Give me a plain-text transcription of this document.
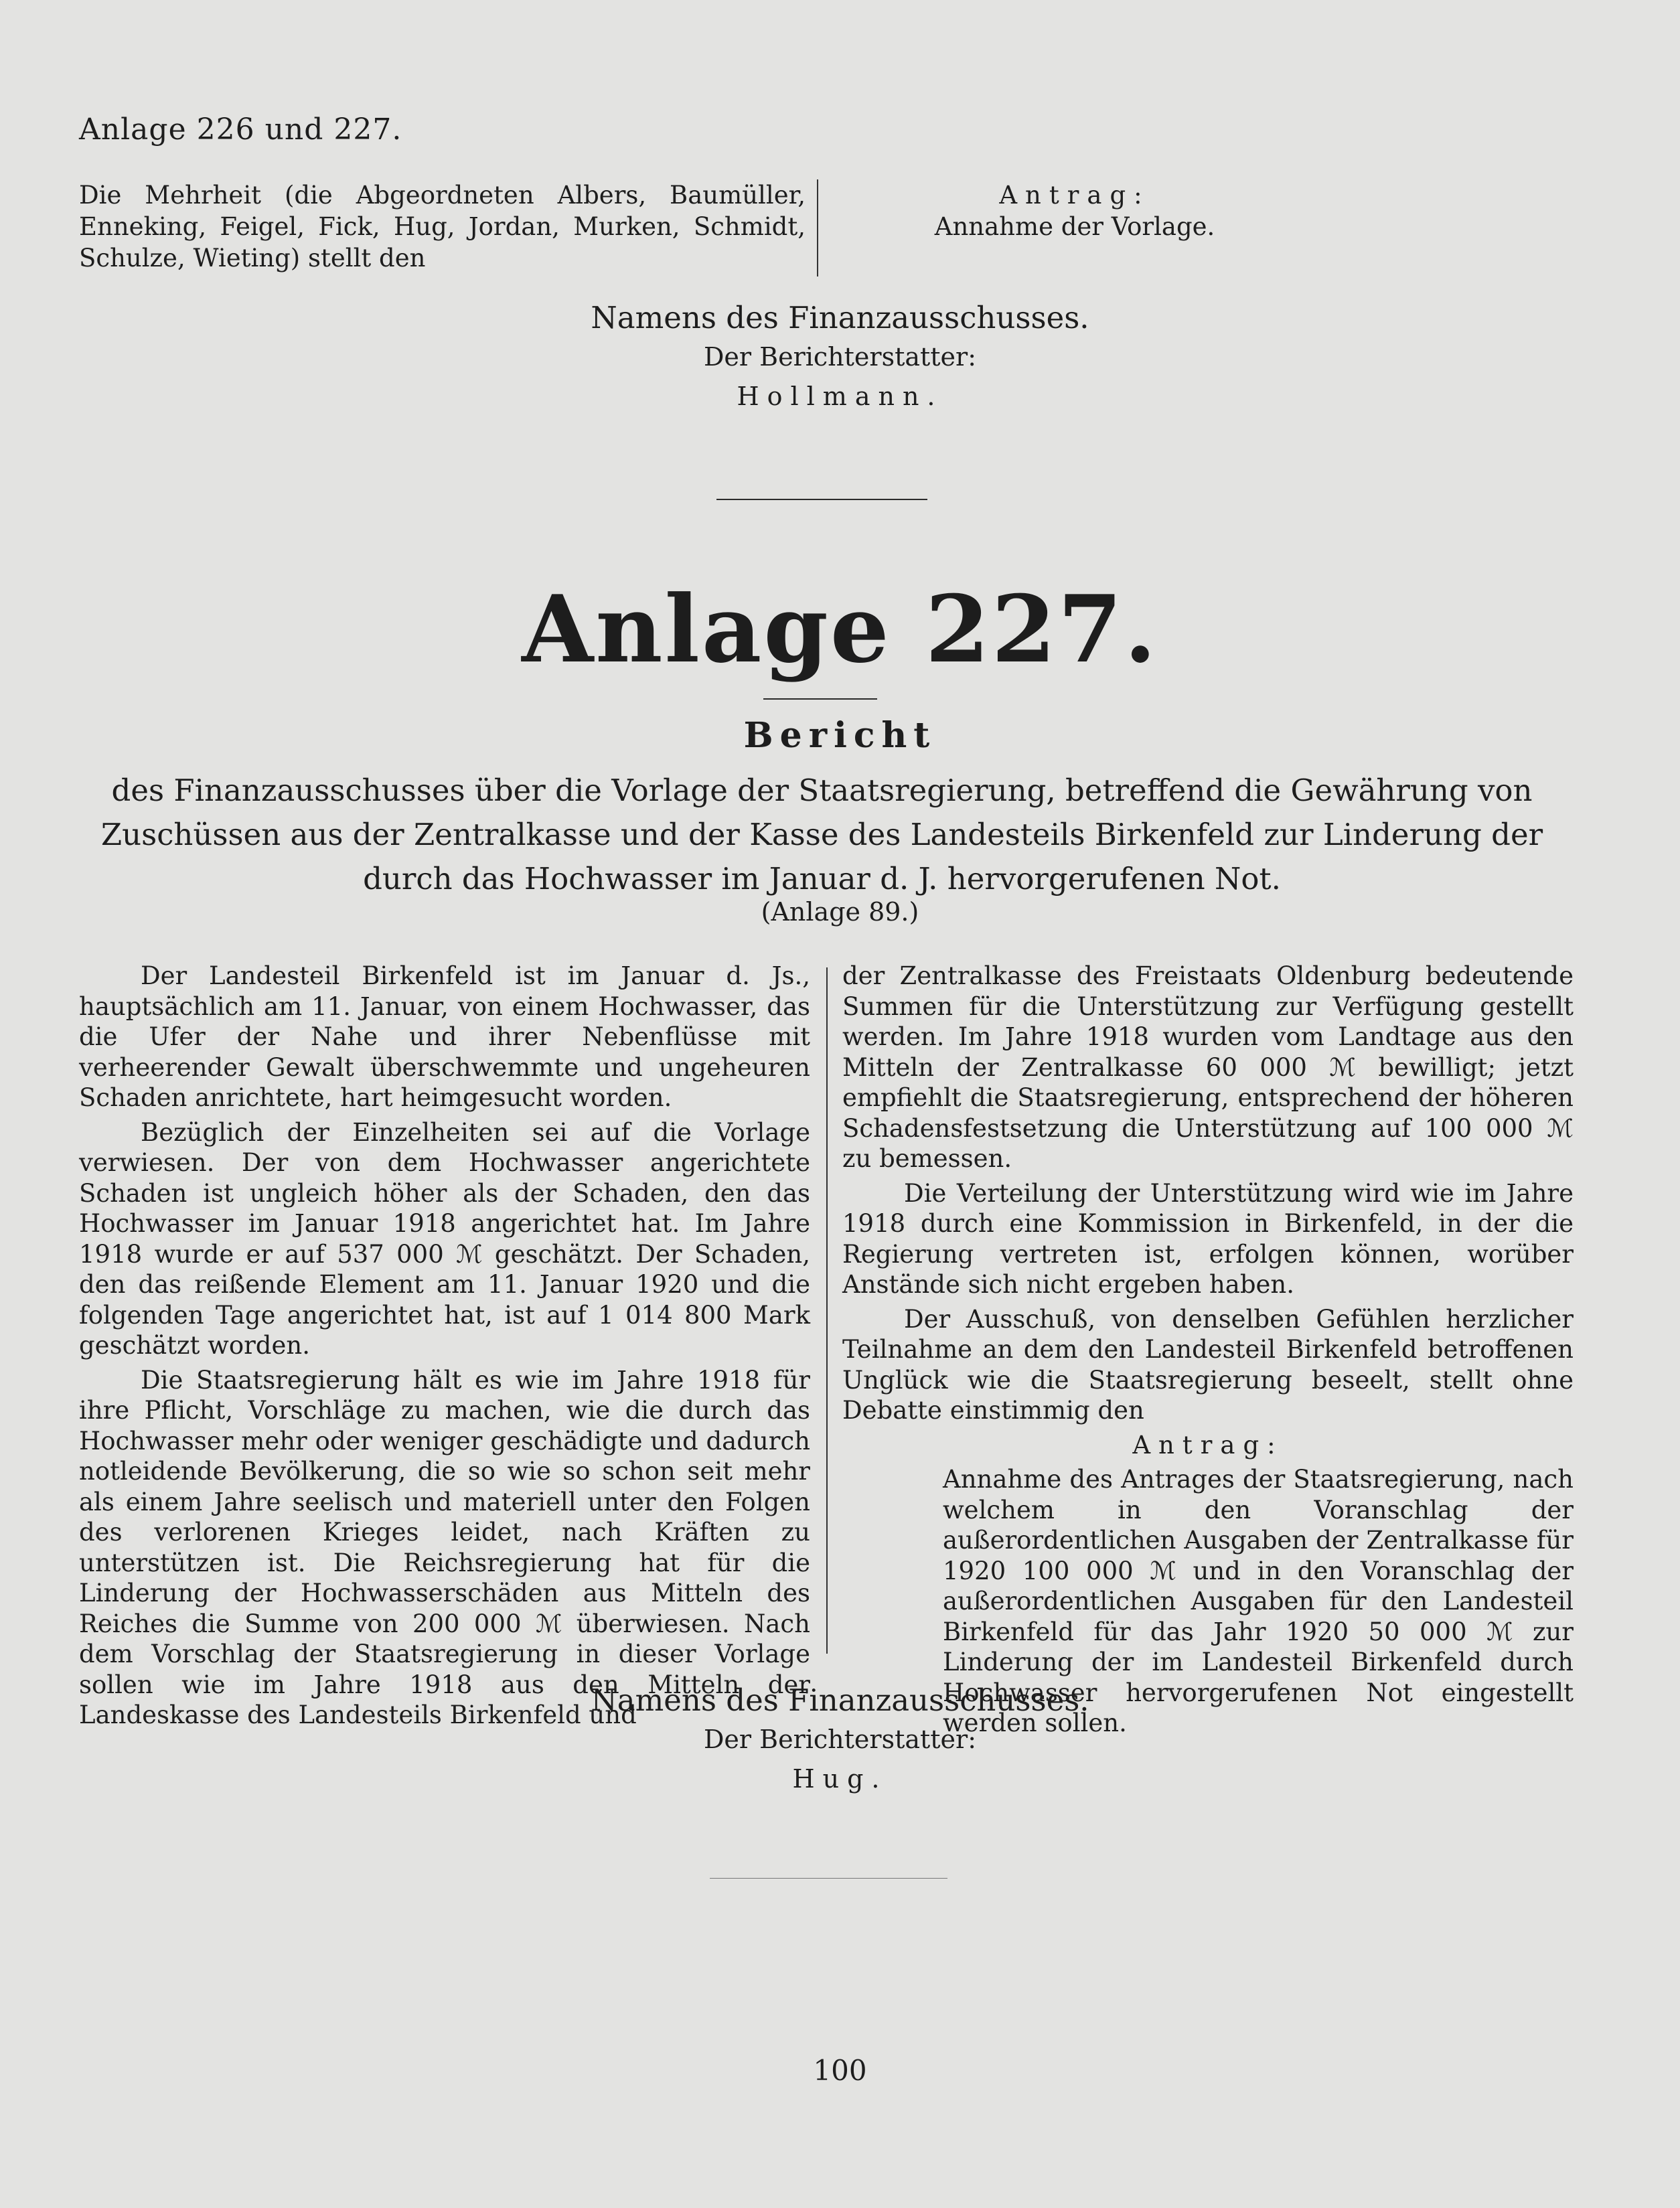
Anlage 226 und 227.
Die Mehrheit (die Abgeordneten Albers, Baumüller, Enneking, Feigel, Fick, Hug, Jordan, Murken, Schmidt, Schulze, Wieting) stellt den
Antrag:
Annahme der Vorlage.
Namens des Finanzausschusses.
Der Berichterstatter:
Hollmann.
Anlage 227.
Bericht
des Finanzausschusses über die Vorlage der Staatsregierung, betreffend die Gewährung von Zuschüssen aus der Zentralkasse und der Kasse des Landesteils Birkenfeld zur Linderung der durch das Hochwasser im Januar d. J. hervorgerufenen Not.
(Anlage 89.)

Der Landesteil Birkenfeld ist im Januar d. Js., hauptsächlich am 11. Januar, von einem Hochwasser, das die Ufer der Nahe und ihrer Nebenflüsse mit verheerender Gewalt überschwemmte und ungeheuren Schaden anrichtete, hart heimgesucht worden.

Bezüglich der Einzelheiten sei auf die Vorlage verwiesen. Der von dem Hochwasser angerichtete Schaden ist ungleich höher als der Schaden, den das Hochwasser im Januar 1918 angerichtet hat. Im Jahre 1918 wurde er auf 537 000 ℳ geschätzt. Der Schaden, den das reißende Element am 11. Januar 1920 und die folgenden Tage angerichtet hat, ist auf 1 014 800 Mark geschätzt worden.

Die Staatsregierung hält es wie im Jahre 1918 für ihre Pflicht, Vorschläge zu machen, wie die durch das Hochwasser mehr oder weniger geschädigte und dadurch notleidende Bevölkerung, die so wie so schon seit mehr als einem Jahre seelisch und materiell unter den Folgen des verlorenen Krieges leidet, nach Kräften zu unterstützen ist. Die Reichsregierung hat für die Linderung der Hochwasserschäden aus Mitteln des Reiches die Summe von 200 000 ℳ überwiesen. Nach dem Vorschlag der Staatsregierung in dieser Vorlage sollen wie im Jahre 1918 aus den Mitteln der Landeskasse des Landesteils Birkenfeld und

der Zentralkasse des Freistaats Oldenburg bedeutende Summen für die Unterstützung zur Verfügung gestellt werden. Im Jahre 1918 wurden vom Landtage aus den Mitteln der Zentralkasse 60 000 ℳ bewilligt; jetzt empfiehlt die Staatsregierung, entsprechend der höheren Schadensfestsetzung die Unterstützung auf 100 000 ℳ zu bemessen.

Die Verteilung der Unterstützung wird wie im Jahre 1918 durch eine Kommission in Birkenfeld, in der die Regierung vertreten ist, erfolgen können, worüber Anstände sich nicht ergeben haben.

Der Ausschuß, von denselben Gefühlen herzlicher Teilnahme an dem den Landesteil Birkenfeld betroffenen Unglück wie die Staatsregierung beseelt, stellt ohne Debatte einstimmig den

Antrag:

Annahme des Antrages der Staatsregierung, nach welchem in den Voranschlag der außerordentlichen Ausgaben der Zentralkasse für 1920 100 000 ℳ und in den Voranschlag der außerordentlichen Ausgaben für den Landesteil Birkenfeld für das Jahr 1920 50 000 ℳ zur Linderung der im Landesteil Birkenfeld durch Hochwasser hervorgerufenen Not eingestellt werden sollen.

Namens des Finanzausschusses.
Der Berichterstatter:
Hug.
100
